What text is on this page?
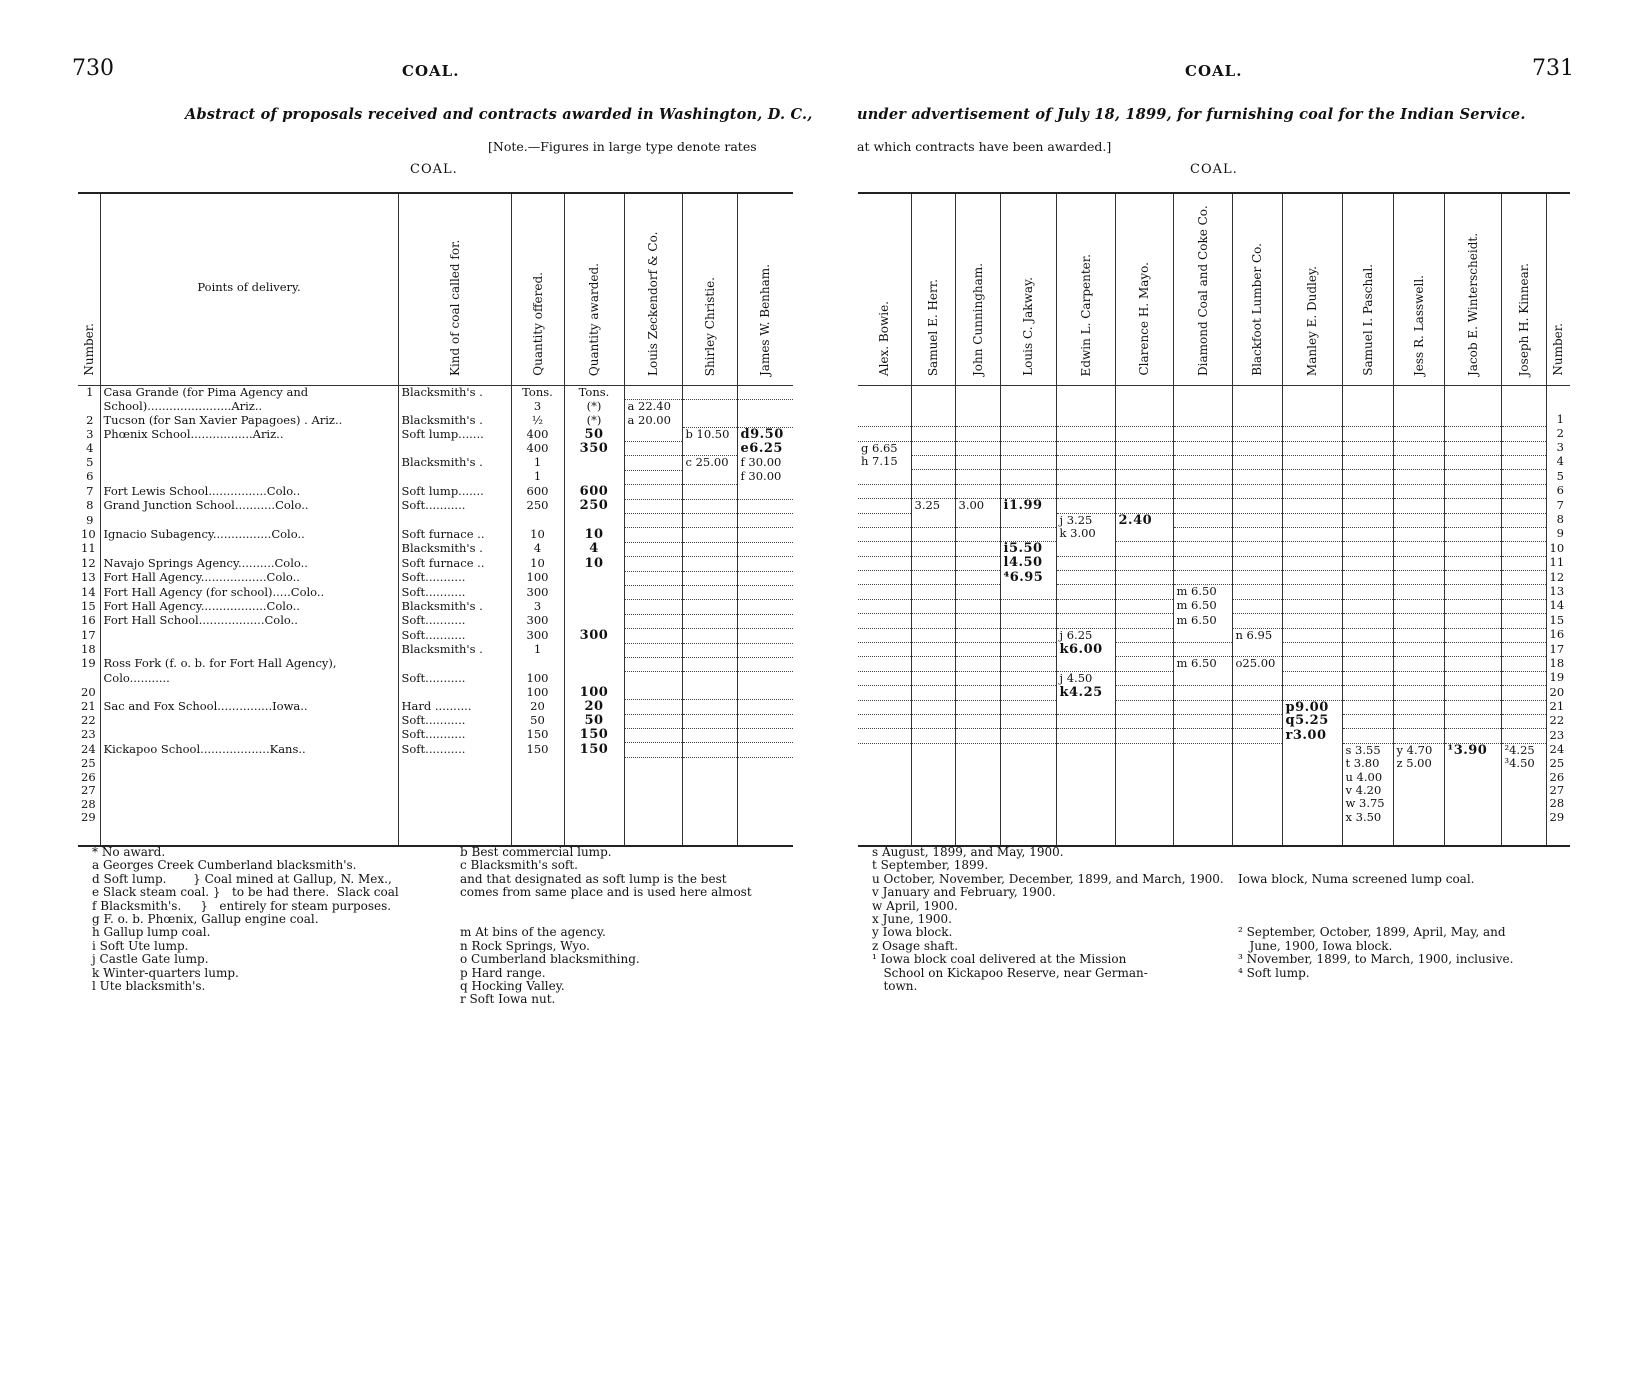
730	COAL.
Abstract of proposals received and contracts awarded in Washington, D. C.,
[Note.—Figures in large type denote rates
COAL.
Number.	Points of delivery.	Kind of coal called for.	Quantity offered.	Quantity awarded.	Louis Zeckendorf & Co.	Shirley Christie.	James W. Benham.
1	Casa Grande (for Pima Agency and	Blacksmith's .	Tons.	Tons.			
	School).......................Ariz..		3	(*)	a 22.40		
2	Tucson (for San Xavier Papagoes) . Ariz..	Blacksmith's .	½	(*)	a 20.00		
3	Phœnix School.................Ariz..	Soft lump.......	400	50		b 10.50	d9.50
4			400	350			e6.25
5		Blacksmith's .	1			c 25.00	f 30.00
6			1				f 30.00
7	Fort Lewis School................Colo..	Soft lump.......	600	600			
8	Grand Junction School...........Colo..	Soft...........	250	250			
9							
10	Ignacio Subagency................Colo..	Soft furnace ..	10	10			
11		Blacksmith's .	4	4			
12	Navajo Springs Agency..........Colo..	Soft furnace ..	10	10			
13	Fort Hall Agency..................Colo..	Soft...........	100				
14	Fort Hall Agency (for school).....Colo..	Soft...........	300				
15	Fort Hall Agency..................Colo..	Blacksmith's .	3				
16	Fort Hall School..................Colo..	Soft...........	300				
17		Soft...........	300	300			
18		Blacksmith's .	1				
19	Ross Fork (f. o. b. for Fort Hall Agency),						
	Colo...........	Soft...........	100				
20			100	100			
21	Sac and Fox School...............Iowa..	Hard ..........	20	20			
22		Soft...........	50	50			
23		Soft...........	150	150			
24	Kickapoo School...................Kans..	Soft...........	150	150			
25							
26							
27							
28							
29							
* No award.
a Georges Creek Cumberland blacksmith's.
d Soft lump.       } Coal mined at Gallup, N. Mex.,
e Slack steam coal. }   to be had there.  Slack coal
f Blacksmith's.     }   entirely for steam purposes.
g F. o. b. Phœnix, Gallup engine coal.
h Gallup lump coal.
i Soft Ute lump.
j Castle Gate lump.
k Winter-quarters lump.
l Ute blacksmith's.
b Best commercial lump.
c Blacksmith's soft.
and that designated as soft lump is the best
comes from same place and is used here almost

m At bins of the agency.
n Rock Springs, Wyo.
o Cumberland blacksmithing.
p Hard range.
q Hocking Valley.
r Soft Iowa nut.
COAL.	731
under advertisement of July 18, 1899, for furnishing coal for the Indian Service.
at which contracts have been awarded.]
COAL.
Alex. Bowie.	Samuel E. Herr.	John Cunningham.	Louis C. Jakway.	Edwin L. Carpenter.	Clarence H. Mayo.	Diamond Coal and Coke Co.	Blackfoot Lumber Co.	Manley E. Dudley.	Samuel I. Paschal.	Jess R. Lasswell.	Jacob E. Winterscheidt.	Joseph H. Kinnear.	Number.

													1
													2
g 6.65													3
h 7.15													4
													5
													6
	3.25	3.00	i1.99										7
				j 3.25	2.40								8
				k 3.00									9
			i5.50										10
			l4.50										11
			⁴6.95										12
						m 6.50							13
						m 6.50							14
						m 6.50							15
				j 6.25			n 6.95						16
				k6.00									17
						m 6.50	o25.00						18
				j 4.50									19
				k4.25									20
								p9.00					21
								q5.25					22
								r3.00					23
									s 3.55	y 4.70	¹3.90	²4.25	24
									t 3.80	z 5.00		³4.50	25
									u 4.00				26
									v 4.20				27
									w 3.75				28
									x 3.50				29
s August, 1899, and May, 1900.
t September, 1899.
u October, November, December, 1899, and March, 1900.
v January and February, 1900.
w April, 1900.
x June, 1900.
y Iowa block.
z Osage shaft.
¹ Iowa block coal delivered at the Mission
School on Kickapoo Reserve, near German-
town.

Iowa block, Numa screened lump coal.

² September, October, 1899, April, May, and
June, 1900, Iowa block.
³ November, 1899, to March, 1900, inclusive.
⁴ Soft lump.
